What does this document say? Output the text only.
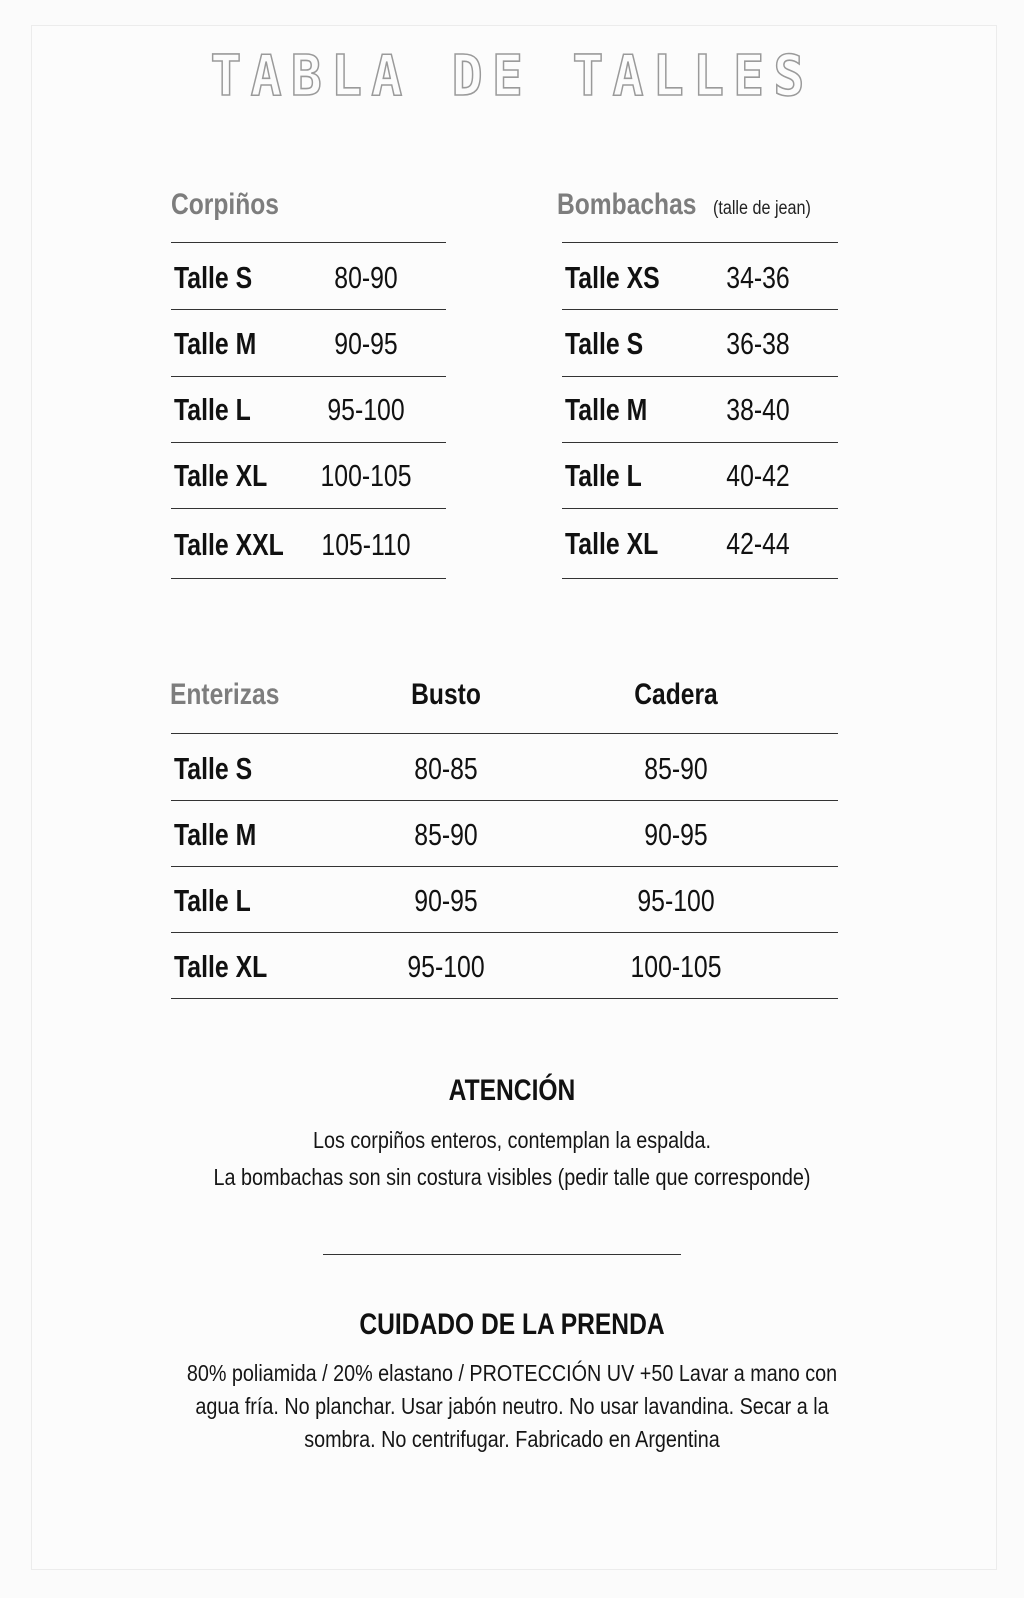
TABLA DE TALLES
Corpiños
Talle S	80-90
Talle M	90-95
Talle L	95-100
Talle XL	100-105
Talle XXL	105-110
Bombachas (talle de jean)
Talle XS	34-36
Talle S	36-38
Talle M	38-40
Talle L	40-42
Talle XL	42-44
Enterizas	Busto	Cadera
Talle S	80-85	85-90
Talle M	85-90	90-95
Talle L	90-95	95-100
Talle XL	95-100	100-105
ATENCIÓN

Los corpiños enteros, contemplan la espalda.

La bombachas son sin costura visibles (pedir talle que corresponde)

CUIDADO DE LA PRENDA

80% poliamida / 20% elastano / PROTECCIÓN UV +50 Lavar a mano con

agua fría. No planchar. Usar jabón neutro. No usar lavandina. Secar a la

sombra. No centrifugar. Fabricado en Argentina
